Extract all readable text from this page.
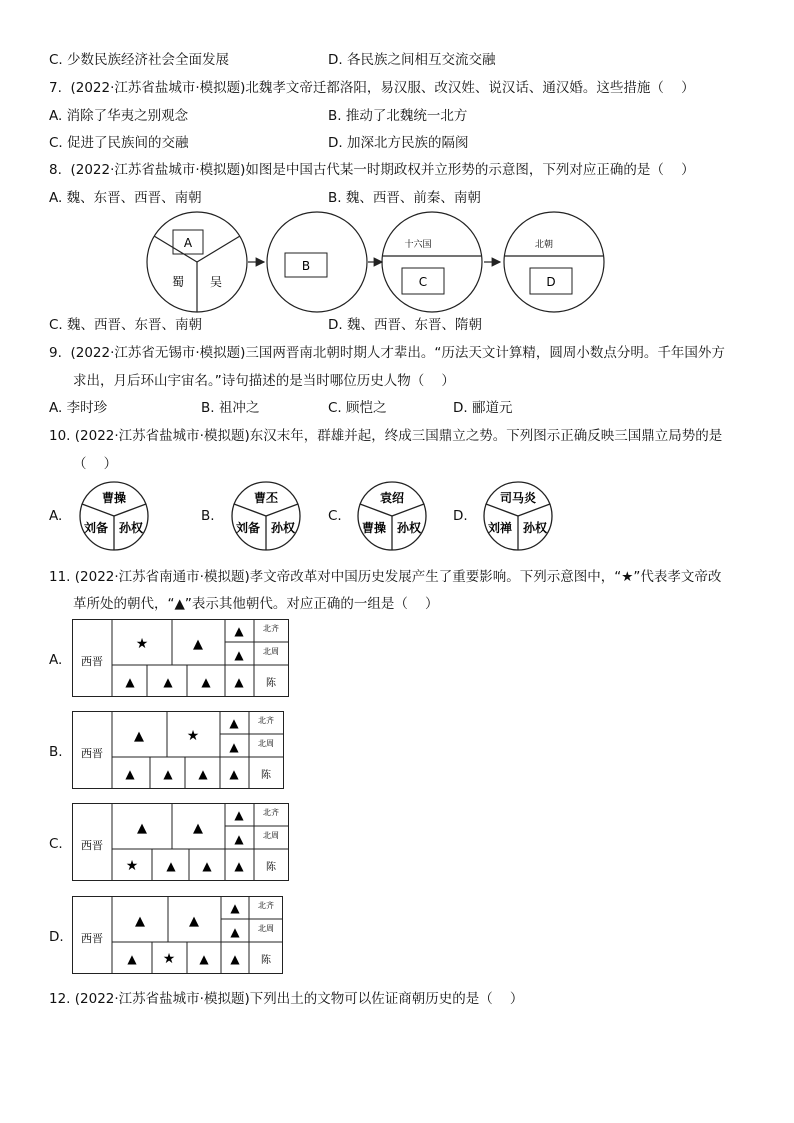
C. 少数民族经济社会全面发展	D. 各民族之间相互交流交融
7.  (2022·江苏省盐城市·模拟题)北魏孝文帝迁都洛阳，易汉服、改汉姓、说汉话、通汉婚。这些措施（    ）
A. 消除了华夷之别观念	B. 推动了北魏统一北方
C. 促进了民族间的交融	D. 加深北方民族的隔阂
8.  (2022·江苏省盐城市·模拟题)如图是中国古代某一时期政权并立形势的示意图，下列对应正确的是（    ）
A. 魏、东晋、西晋、南朝	B. 魏、西晋、前秦、南朝
A
蜀 吴
B
十六国
C
北朝
D
C. 魏、西晋、东晋、南朝	D. 魏、西晋、东晋、隋朝
9.  (2022·江苏省无锡市·模拟题)三国两晋南北朝时期人才辈出。“历法天文计算精，圆周小数点分明。千年国外方
求出，月后环山宇宙名。”诗句描述的是当时哪位历史人物（    ）
A. 李时珍	B. 祖冲之	C. 顾恺之	D. 郦道元
10. (2022·江苏省盐城市·模拟题)东汉末年，群雄并起，终成三国鼎立之势。下列图示正确反映三国鼎立局势的是
（    ）
A.
曹操
刘备 孙权
B.
曹丕
刘备 孙权
C.
袁绍
曹操 孙权
D.
司马炎
刘禅 孙权
11. (2022·江苏省南通市·模拟题)孝文帝改革对中国历史发展产生了重要影响。下列示意图中，“★”代表孝文帝改
革所处的朝代，“▲”表示其他朝代。对应正确的一组是（    ）
A. 西晋
★	▲
▲
▲
北齐
北周
▲ ▲ ▲ ▲ 陈
B. 西晋
▲	★
▲
▲
北齐
北周
▲ ▲ ▲ ▲ 陈
C. 西晋
▲	▲
▲
▲
北齐
北周
★ ▲ ▲ ▲ 陈
D. 西晋
▲	▲
▲
▲
北齐
北周
▲ ★ ▲ ▲ 陈
12. (2022·江苏省盐城市·模拟题)下列出土的文物可以佐证商朝历史的是（    ）
